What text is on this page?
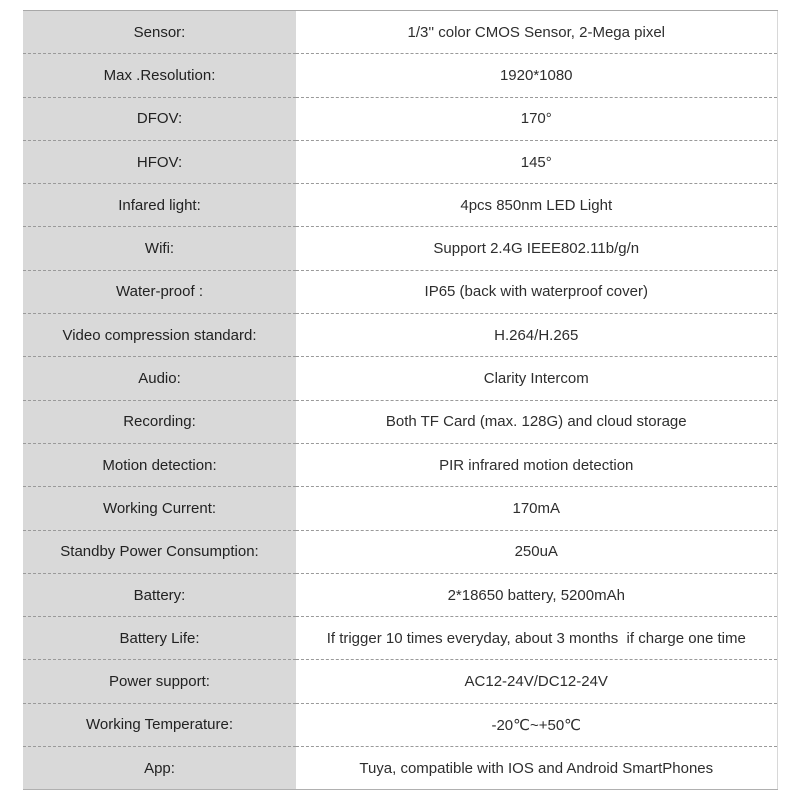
Sensor:	1/3'' color CMOS Sensor, 2-Mega pixel
Max .Resolution:	1920*1080
DFOV:	170°
HFOV:	145°
Infared light:	4pcs 850nm LED Light
Wifi:	Support 2.4G IEEE802.11b/g/n
Water-proof :	IP65 (back with waterproof cover)
Video compression standard:	H.264/H.265
Audio:	Clarity Intercom
Recording:	Both TF Card (max. 128G) and cloud storage
Motion detection:	PIR infrared motion detection
Working Current:	170mA
Standby Power Consumption:	250uA
Battery:	2*18650 battery, 5200mAh
Battery Life:	If trigger 10 times everyday, about 3 months  if charge one time
Power support:	AC12-24V/DC12-24V
Working Temperature:	-20℃~+50℃
App:	Tuya, compatible with IOS and Android SmartPhones
